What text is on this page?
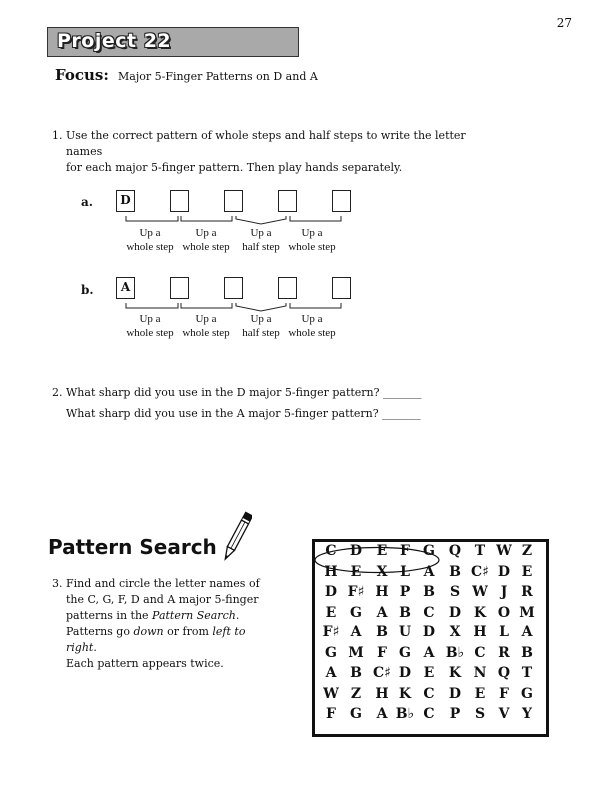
27
Project 22
Focus: Major 5-Finger Patterns on D and A
1. Use the correct pattern of whole steps and half steps to write the letter names
for each major 5-finger pattern. Then play hands separately.
a.	D
Up a
whole step
Up a
whole step
Up a
half step
Up a
whole step
b.	A
Up a
whole step
Up a
whole step
Up a
half step
Up a
whole step
2. What sharp did you use in the D major 5-finger pattern? _______
What sharp did you use in the A major 5-finger pattern? _______
Pattern Search
3. Find and circle the letter names of
the C, G, F, D and A major 5-finger
patterns in the Pattern Search.
Patterns go down or from left to right.
Each pattern appears twice.
C D	E F G Q T W Z
H E	X L A	B C♯ D E
D F♯ H P B	S W J R
E G	A B C	D K O M
F♯ A	B U D	X H L A
G M F G A B♭ C R B
A B C♯ D E	K N Q T
W Z	H K C	D E F G
F	G	A B♭ C	P	S V Y
